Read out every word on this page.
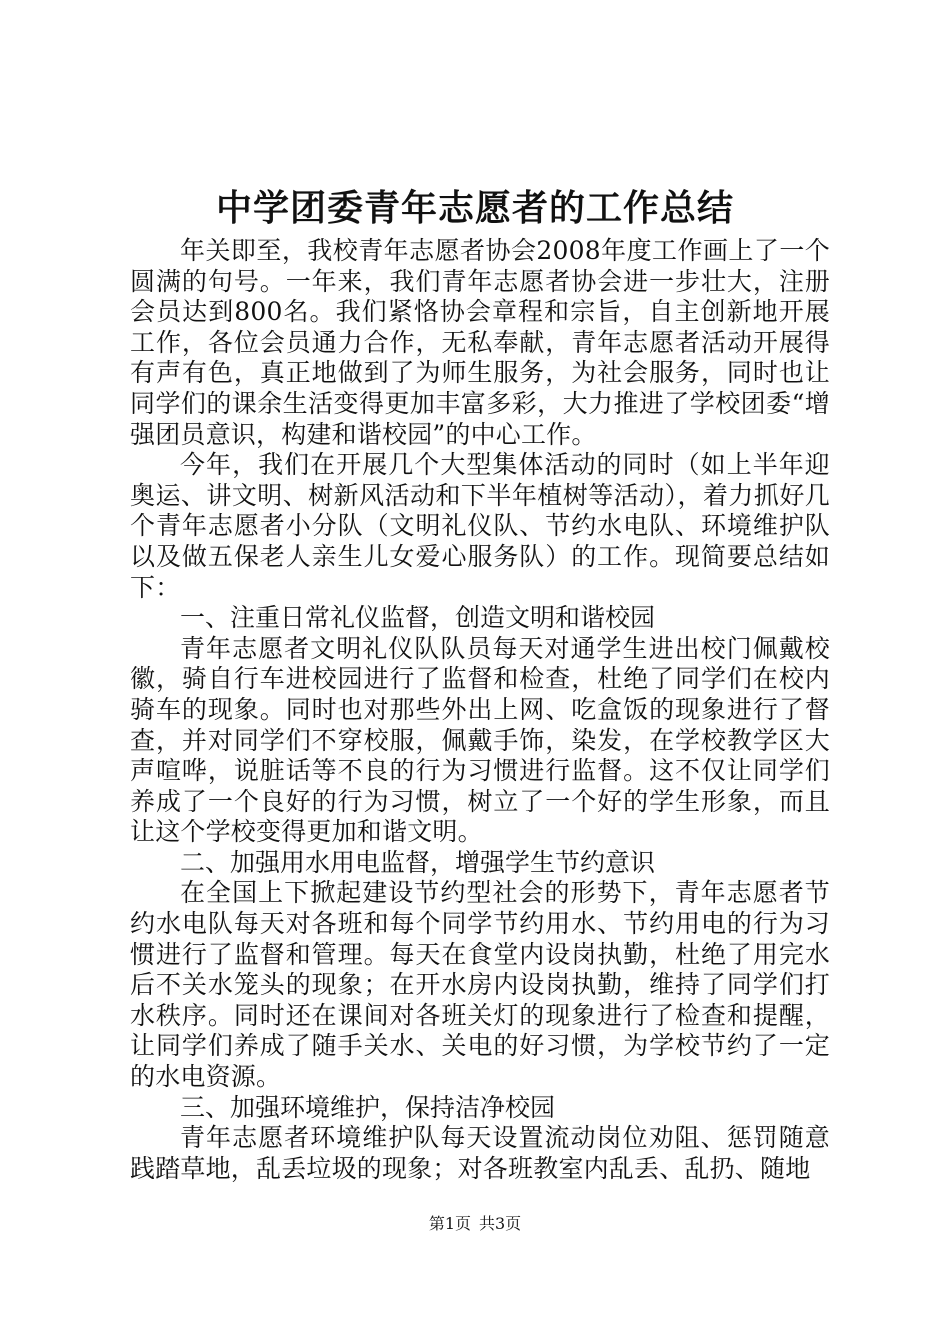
中学团委青年志愿者的工作总结

年关即至，我校青年志愿者协会2008年度工作画上了一个圆满的句号。一年来，我们青年志愿者协会进一步壮大，注册会员达到800名。我们紧恪协会章程和宗旨，自主创新地开展工作，各位会员通力合作，无私奉献，青年志愿者活动开展得有声有色，真正地做到了为师生服务，为社会服务，同时也让同学们的课余生活变得更加丰富多彩，大力推进了学校团委“增强团员意识，构建和谐校园”的中心工作。

今年，我们在开展几个大型集体活动的同时（如上半年迎奥运、讲文明、树新风活动和下半年植树等活动），着力抓好几个青年志愿者小分队（文明礼仪队、节约水电队、环境维护队以及做五保老人亲生儿女爱心服务队）的工作。现简要总结如下：

一、注重日常礼仪监督，创造文明和谐校园

青年志愿者文明礼仪队队员每天对通学生进出校门佩戴校徽，骑自行车进校园进行了监督和检查，杜绝了同学们在校内骑车的现象。同时也对那些外出上网、吃盒饭的现象进行了督查，并对同学们不穿校服，佩戴手饰，染发，在学校教学区大声喧哗，说脏话等不良的行为习惯进行监督。这不仅让同学们养成了一个良好的行为习惯，树立了一个好的学生形象，而且让这个学校变得更加和谐文明。

二、加强用水用电监督，增强学生节约意识

在全国上下掀起建设节约型社会的形势下，青年志愿者节约水电队每天对各班和每个同学节约用水、节约用电的行为习惯进行了监督和管理。每天在食堂内设岗执勤，杜绝了用完水后不关水笼头的现象；在开水房内设岗执勤，维持了同学们打水秩序。同时还在课间对各班关灯的现象进行了检查和提醒，让同学们养成了随手关水、关电的好习惯，为学校节约了一定的水电资源。

三、加强环境维护，保持洁净校园

青年志愿者环境维护队每天设置流动岗位劝阻、惩罚随意践踏草地，乱丢垃圾的现象；对各班教室内乱丢、乱扔、随地

第1页 共3页
